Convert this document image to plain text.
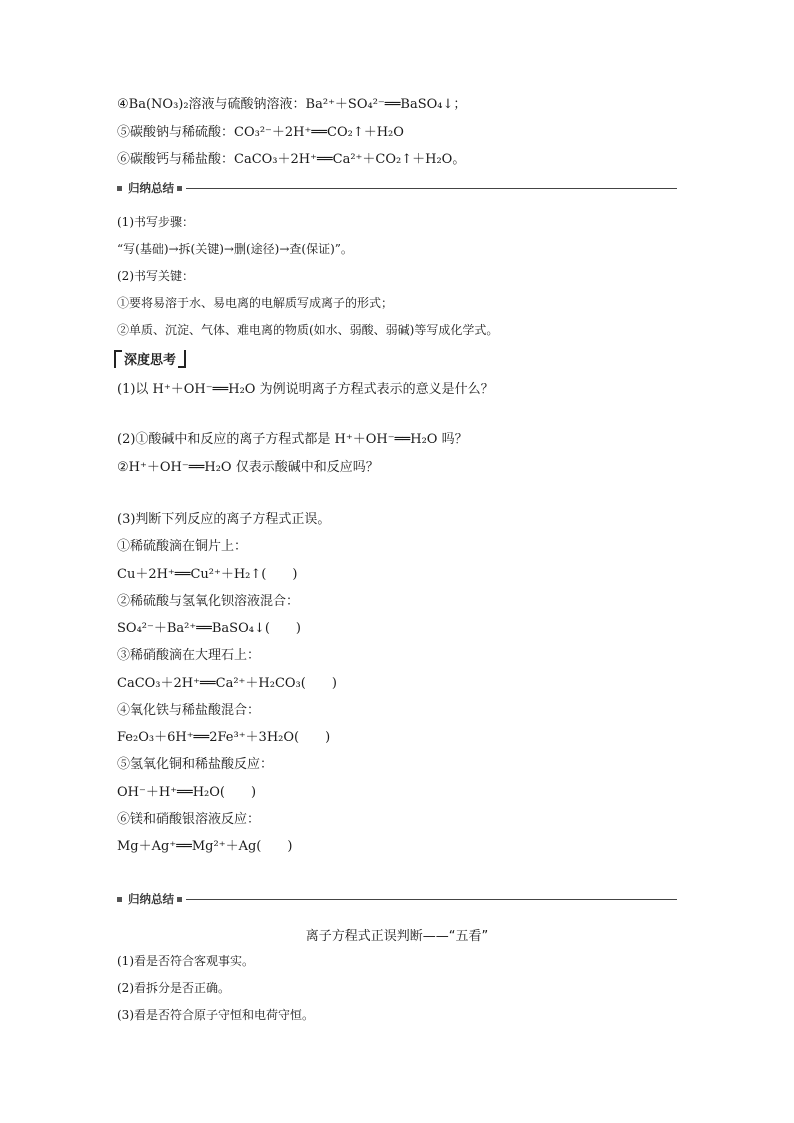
④Ba(NO₃)₂溶液与硫酸钠溶液：Ba²⁺＋SO₄²⁻══BaSO₄↓；
⑤碳酸钠与稀硫酸：CO₃²⁻＋2H⁺══CO₂↑＋H₂O
⑥碳酸钙与稀盐酸：CaCO₃＋2H⁺══Ca²⁺＋CO₂↑＋H₂O。
归纳总结
(1)书写步骤：
“写(基础)→拆(关键)→删(途径)→查(保证)”。
(2)书写关键：
①要将易溶于水、易电离的电解质写成离子的形式；
②单质、沉淀、气体、难电离的物质(如水、弱酸、弱碱)等写成化学式。
深度思考
(1)以 H⁺＋OH⁻══H₂O 为例说明离子方程式表示的意义是什么？
(2)①酸碱中和反应的离子方程式都是 H⁺＋OH⁻══H₂O 吗？
②H⁺＋OH⁻══H₂O 仅表示酸碱中和反应吗？
(3)判断下列反应的离子方程式正误。
①稀硫酸滴在铜片上：
Cu＋2H⁺══Cu²⁺＋H₂↑(　　)
②稀硫酸与氢氧化钡溶液混合：
SO₄²⁻＋Ba²⁺══BaSO₄↓(　　)
③稀硝酸滴在大理石上：
CaCO₃＋2H⁺══Ca²⁺＋H₂CO₃(　　)
④氧化铁与稀盐酸混合：
Fe₂O₃＋6H⁺══2Fe³⁺＋3H₂O(　　)
⑤氢氧化铜和稀盐酸反应：
OH⁻＋H⁺══H₂O(　　)
⑥镁和硝酸银溶液反应：
Mg＋Ag⁺══Mg²⁺＋Ag(　　)
归纳总结
离子方程式正误判断——“五看”
(1)看是否符合客观事实。
(2)看拆分是否正确。
(3)看是否符合原子守恒和电荷守恒。
